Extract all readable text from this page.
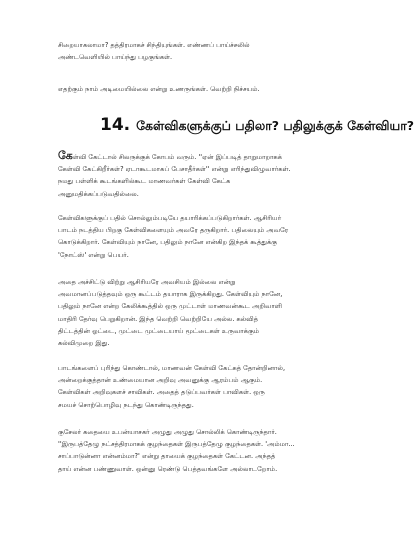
சிறையாகலாமா? தத்திரமாகச் சிந்தியுங்கள். எண்ணப் பாய்ச்சலில்
அண்டவெளியில் பாய்ந்து பழகுங்கள்.
எதற்கும் நாம் அடிமையில்லை என்று உணருங்கள். வெற்றி நிச்சயம்.
14. கேள்விகளுக்குப் பதிலா? பதிலுக்குக் கேள்வியா?
கேள்வி கேட்டால் சிலருக்குக் கோபம் வரும். ''ஏன் இப்படித் தாறுமாறாகக்
கேள்வி கேட்கிறீர்கள்? ஏடாகூடமாகப் பேசாதீர்கள்'' என்று எரிந்துவிழுவார்கள்.
நமது பள்ளிக் கூடங்களில்கூட மாணவர்கள் கேள்வி கேட்க
அனுமதிக்கப்படுவதில்லை.
கேள்விகளுக்குப் பதில் சொல்லும்படியே தயாரிக்கப்படுகிறார்கள். ஆசிரியர்
பாடம் நடத்திய பிறகு கேள்விகளையும் அவரே தருகிறார். பதிலையும் அவரே
கொடுக்கிறார். கேள்வியும் நானே, பதிலும் நானே என்கிற இந்தக் கூத்துக்கு
'நோட்ஸ்' என்று பெயர்.
அதை அச்சிட்டு விற்று ஆசிரியரே அவசியம் இல்லை என்று
அவமானப்படுத்தவும் ஒரு கூட்டம் தயாராக இருக்கிறது. கேள்வியும் நானே,
பதிலும் நானே என்ற கேலிக்கூத்தில் ஒரு முட்டாள் மாணவன்கூட அறிவாளி
மாதிரி தேர்வு பெறுகிறான். இந்த வெற்றி வெற்றியே அல்ல. கல்வித்
திட்டத்தின் ஓட்டை, முட்டை முட்டையாய் மூட்டைகள் உருவாக்கும்
கல்விமுறை இது.
பாடங்களைப் புரிந்து கொண்டால், மாணவன் கேள்வி கேட்கத் தோன்றினால்,
அன்றைக்குத்தான் உண்மையான அறிவு அவனுக்கு ஆரம்பம் ஆகும்.
கேள்விகள் அறிவுகளச் சாவிகள். அதைத் தடுப்பவர்கள் பாவிகள். ஒரு
சமயச் சொற்பொழிவு நடந்து கொண்டிருந்தது.
குசேலர் கதையை உபன்யாசகர் அழுது அழுது சொல்லிக் கொண்டிருந்தார்.
''இருபத்தேழு நட்சத்திரமாகக் குழந்தைகள் இருபத்தேழு குழந்தைகள். 'அம்மா...
சாப்பாடுன்னா என்னம்மா?' என்று தாயைக் குழந்தைகள் கேட்டன. அந்தத்
தாய் என்ன பண்ணுவாள். ஒன்னு ரெண்டு பெத்தவங்களே அல்லாடறோம்.
